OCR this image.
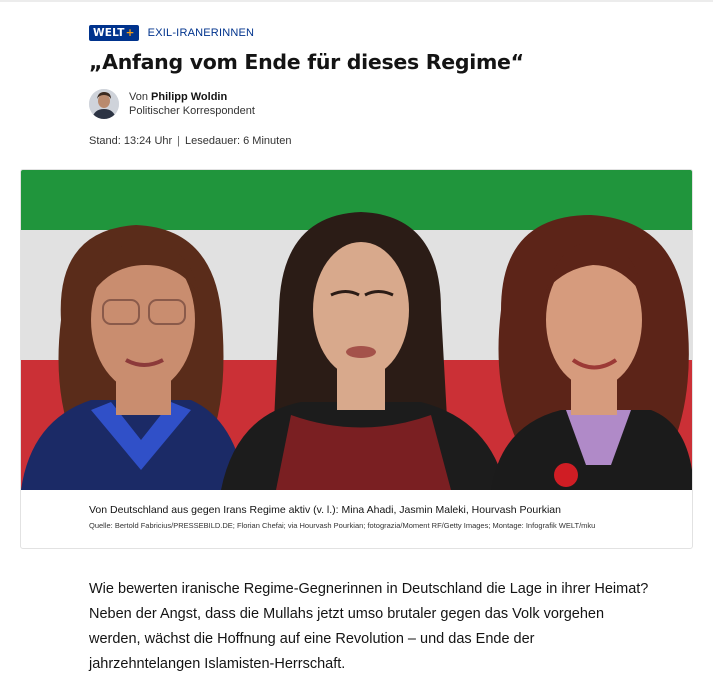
WELT + EXIL-IRANERINNEN
„Anfang vom Ende für dieses Regime“
Von Philipp Woldin
Politischer Korrespondent
Stand: 13:24 Uhr | Lesedauer: 6 Minuten
Von Deutschland aus gegen Irans Regime aktiv (v. l.): Mina Ahadi, Jasmin Maleki, Hourvash Pourkian
Quelle: Bertold Fabricius/PRESSEBILD.DE; Florian Chefai; via Hourvash Pourkian; fotograzia/Moment RF/Getty Images; Montage: Infografik WELT/mku

Wie bewerten iranische Regime-Gegnerinnen in Deutschland die Lage in ihrer Heimat? Neben der Angst, dass die Mullahs jetzt umso brutaler gegen das Volk vorgehen werden, wächst die Hoffnung auf eine Revolution – und das Ende der jahrzehntelangen Islamisten-Herrschaft.
